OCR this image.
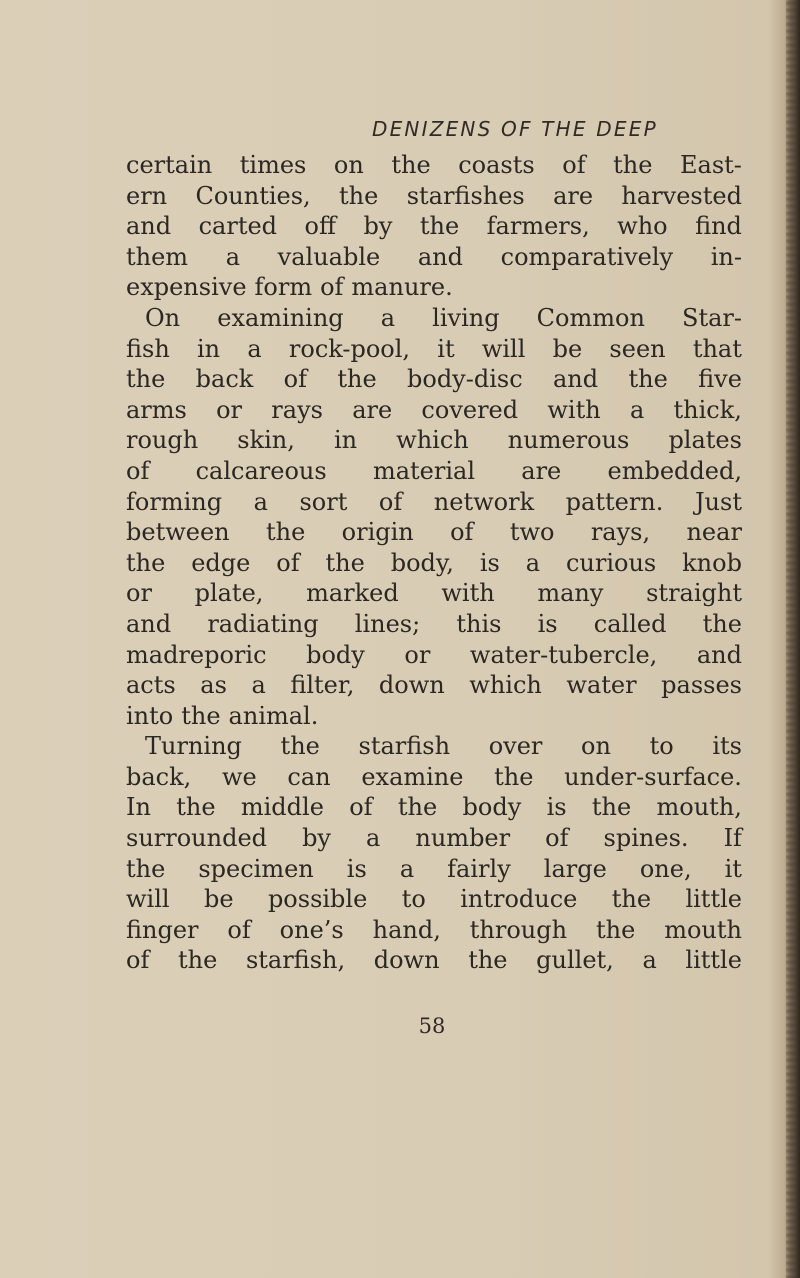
DENIZENS OF THE DEEP
certain times on the coasts of the East-
ern Counties, the starfishes are harvested
and carted off by the farmers, who find
them a valuable and comparatively in-
expensive form of manure.
On examining a living Common Star-
fish in a rock-pool, it will be seen that
the back of the body-disc and the five
arms or rays are covered with a thick,
rough skin, in which numerous plates
of calcareous material are embedded,
forming a sort of network pattern. Just
between the origin of two rays, near
the edge of the body, is a curious knob
or plate, marked with many straight
and radiating lines; this is called the
madreporic body or water-tubercle, and
acts as a filter, down which water passes
into the animal.
Turning the starfish over on to its
back, we can examine the under-surface.
In the middle of the body is the mouth,
surrounded by a number of spines. If
the specimen is a fairly large one, it
will be possible to introduce the little
finger of one’s hand, through the mouth
of the starfish, down the gullet, a little
58
